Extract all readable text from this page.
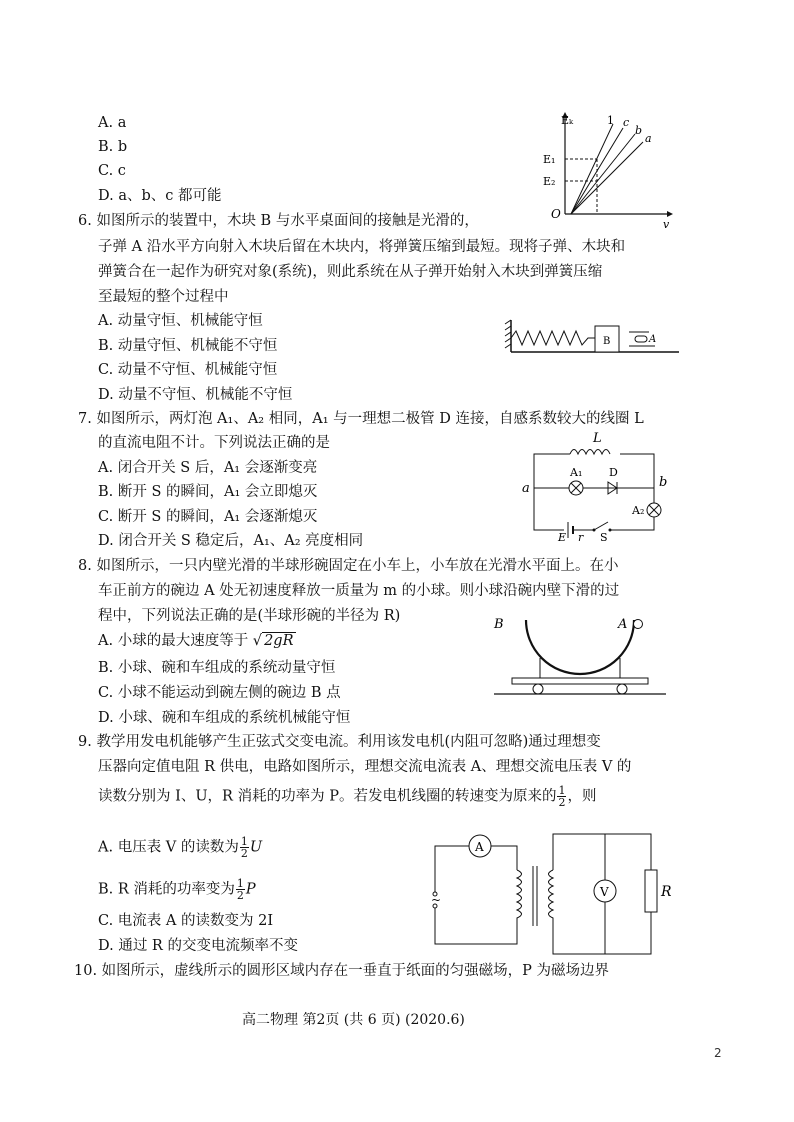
A. a
B. b
C. c
D. a、b、c 都可能
Eₖ
v
O
E₁
E₂
1 c
b
a
6. 如图所示的装置中，木块 B 与水平桌面间的接触是光滑的，
子弹 A 沿水平方向射入木块后留在木块内，将弹簧压缩到最短。现将子弹、木块和
弹簧合在一起作为研究对象(系统)，则此系统在从子弹开始射入木块到弹簧压缩
至最短的整个过程中
A. 动量守恒、机械能守恒
B. 动量守恒、机械能不守恒
C. 动量不守恒、机械能守恒
D. 动量不守恒、机械能不守恒
B	A
7. 如图所示，两灯泡 A₁、A₂ 相同，A₁ 与一理想二极管 D 连接，自感系数较大的线圈 L
的直流电阻不计。下列说法正确的是
A. 闭合开关 S 后，A₁ 会逐渐变亮
B. 断开 S 的瞬间，A₁ 会立即熄灭
C. 断开 S 的瞬间，A₁ 会逐渐熄灭
D. 闭合开关 S 稳定后，A₁、A₂ 亮度相同
L
A₁ D
A₂
a	b
E r S
8. 如图所示，一只内壁光滑的半球形碗固定在小车上，小车放在光滑水平面上。在小
车正前方的碗边 A 处无初速度释放一质量为 m 的小球。则小球沿碗内壁下滑的过
程中，下列说法正确的是(半球形碗的半径为 R)
A. 小球的最大速度等于 √ 2gR
B. 小球、碗和车组成的系统动量守恒
C. 小球不能运动到碗左侧的碗边 B 点
D. 小球、碗和车组成的系统机械能守恒
B	A
9. 教学用发电机能够产生正弦式交变电流。利用该发电机(内阻可忽略)通过理想变
压器向定值电阻 R 供电，电路如图所示，理想交流电流表 A、理想交流电压表 V 的
读数分别为 I、U，R 消耗的功率为 P。若发电机线圈的转速变为原来的 $\frac{1}{2}$ ，则
A. 电压表 V 的读数为 $\frac{1}{2}$ U
B. R 消耗的功率变为 $\frac{1}{2}$ P
C. 电流表 A 的读数变为 2I
D. 通过 R 的交变电流频率不变
A
~	R
V
10. 如图所示，虚线所示的圆形区域内存在一垂直于纸面的匀强磁场，P 为磁场边界
高二物理 第2页 (共 6 页) (2020.6)
2
